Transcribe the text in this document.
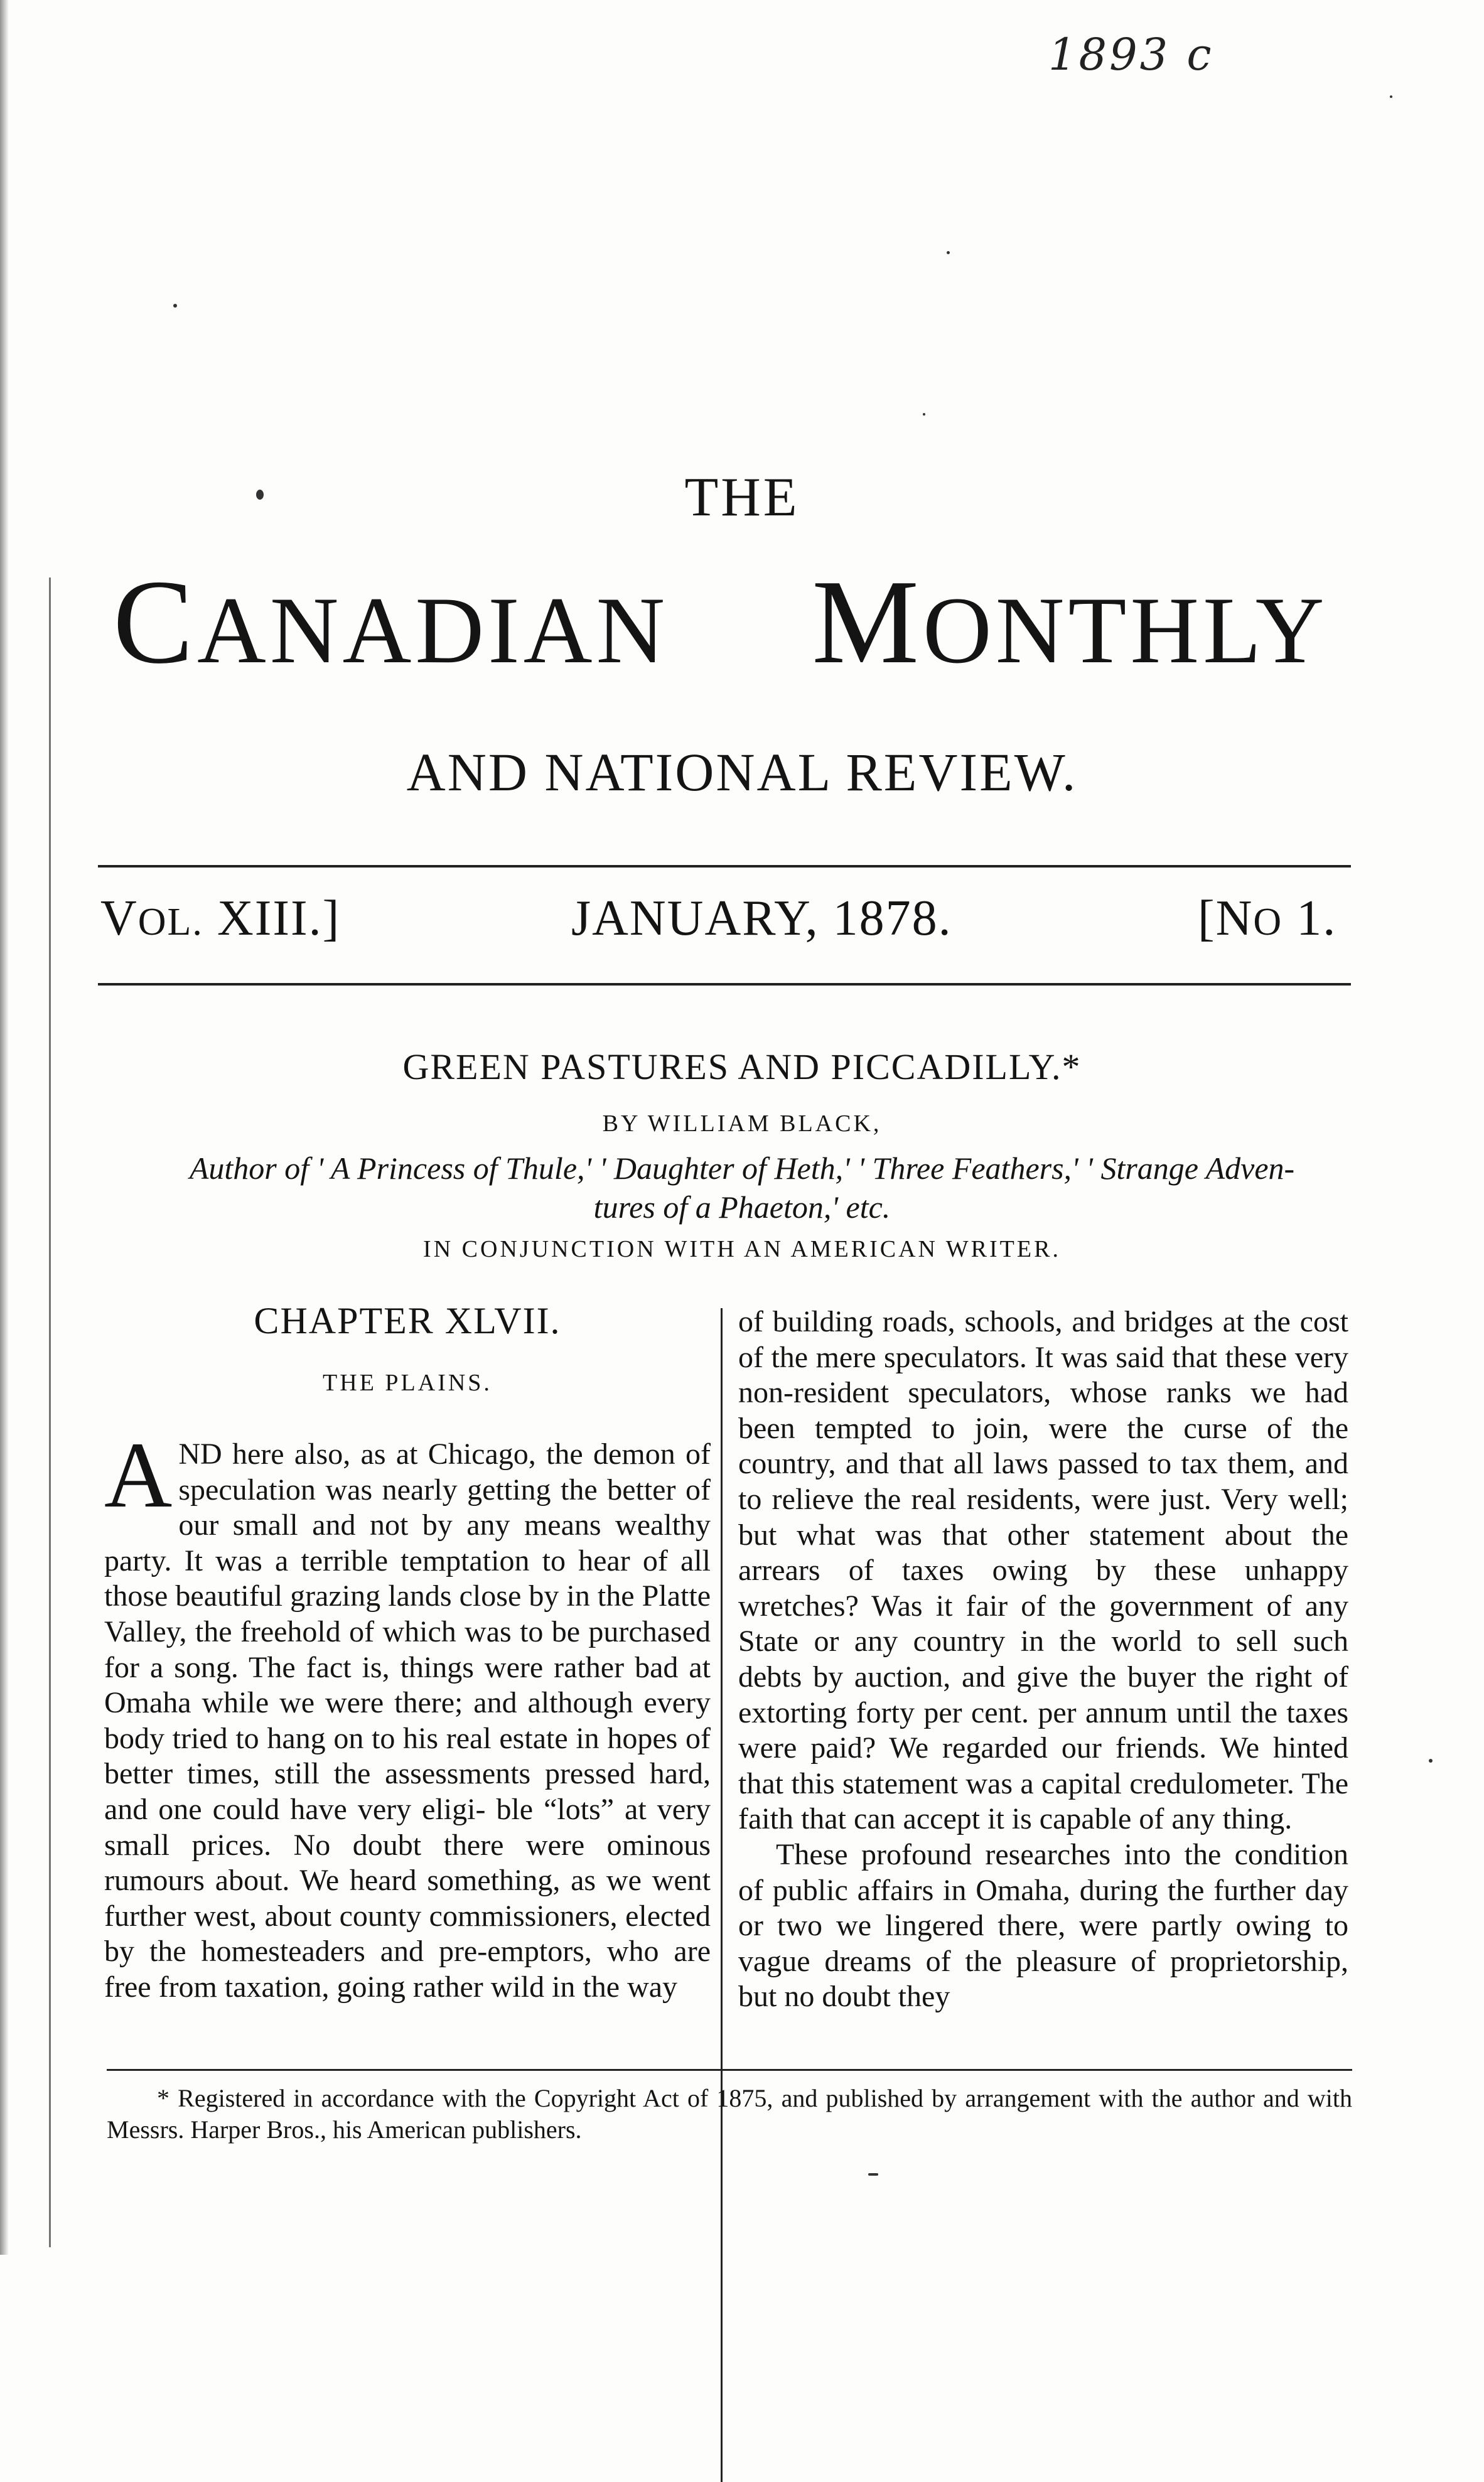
1893 c
THE
CANADIAN MONTHLY
AND NATIONAL REVIEW.
VOL. XIII.]	JANUARY, 1878.	[NO 1.
GREEN PASTURES AND PICCADILLY.*
BY WILLIAM BLACK,
Author of ' A Princess of Thule,' ' Daughter of Heth,' ' Three Feathers,' ' Strange Adven-
tures of a Phaeton,' etc.
IN CONJUNCTION WITH AN AMERICAN WRITER.
CHAPTER XLVII.
THE PLAINS.
A ND here also, as at Chicago, the demon of speculation was nearly getting the better of our small and not by any means wealthy party. It was a terrible temptation to hear of all those beautiful grazing lands close by in the Platte Valley, the freehold of which was to be purchased for a song. The fact is, things were rather bad at Omaha while we were there; and although every body tried to hang on to his real estate in hopes of better times, still the assessments pressed hard, and one could have very eligi- ble “lots” at very small prices. No doubt there were ominous rumours about. We heard something, as we went further west, about county commissioners, elected by the homesteaders and pre-emptors, who are free from taxation, going rather wild in the way

of building roads, schools, and bridges at the cost of the mere speculators. It was said that these very non-resident speculators, whose ranks we had been tempted to join, were the curse of the country, and that all laws passed to tax them, and to relieve the real residents, were just. Very well; but what was that other statement about the arrears of taxes owing by these unhappy wretches? Was it fair of the government of any State or any country in the world to sell such debts by auction, and give the buyer the right of extorting forty per cent. per annum until the taxes were paid? We regarded our friends. We hinted that this statement was a capital credulometer. The faith that can accept it is capable of any thing.

These profound researches into the condition of public affairs in Omaha, during the further day or two we lingered there, were partly owing to vague dreams of the pleasure of proprietorship, but no doubt they

* Registered in accordance with the Copyright Act of 1875, and published by arrangement with the author and with Messrs. Harper Bros., his American publishers.
